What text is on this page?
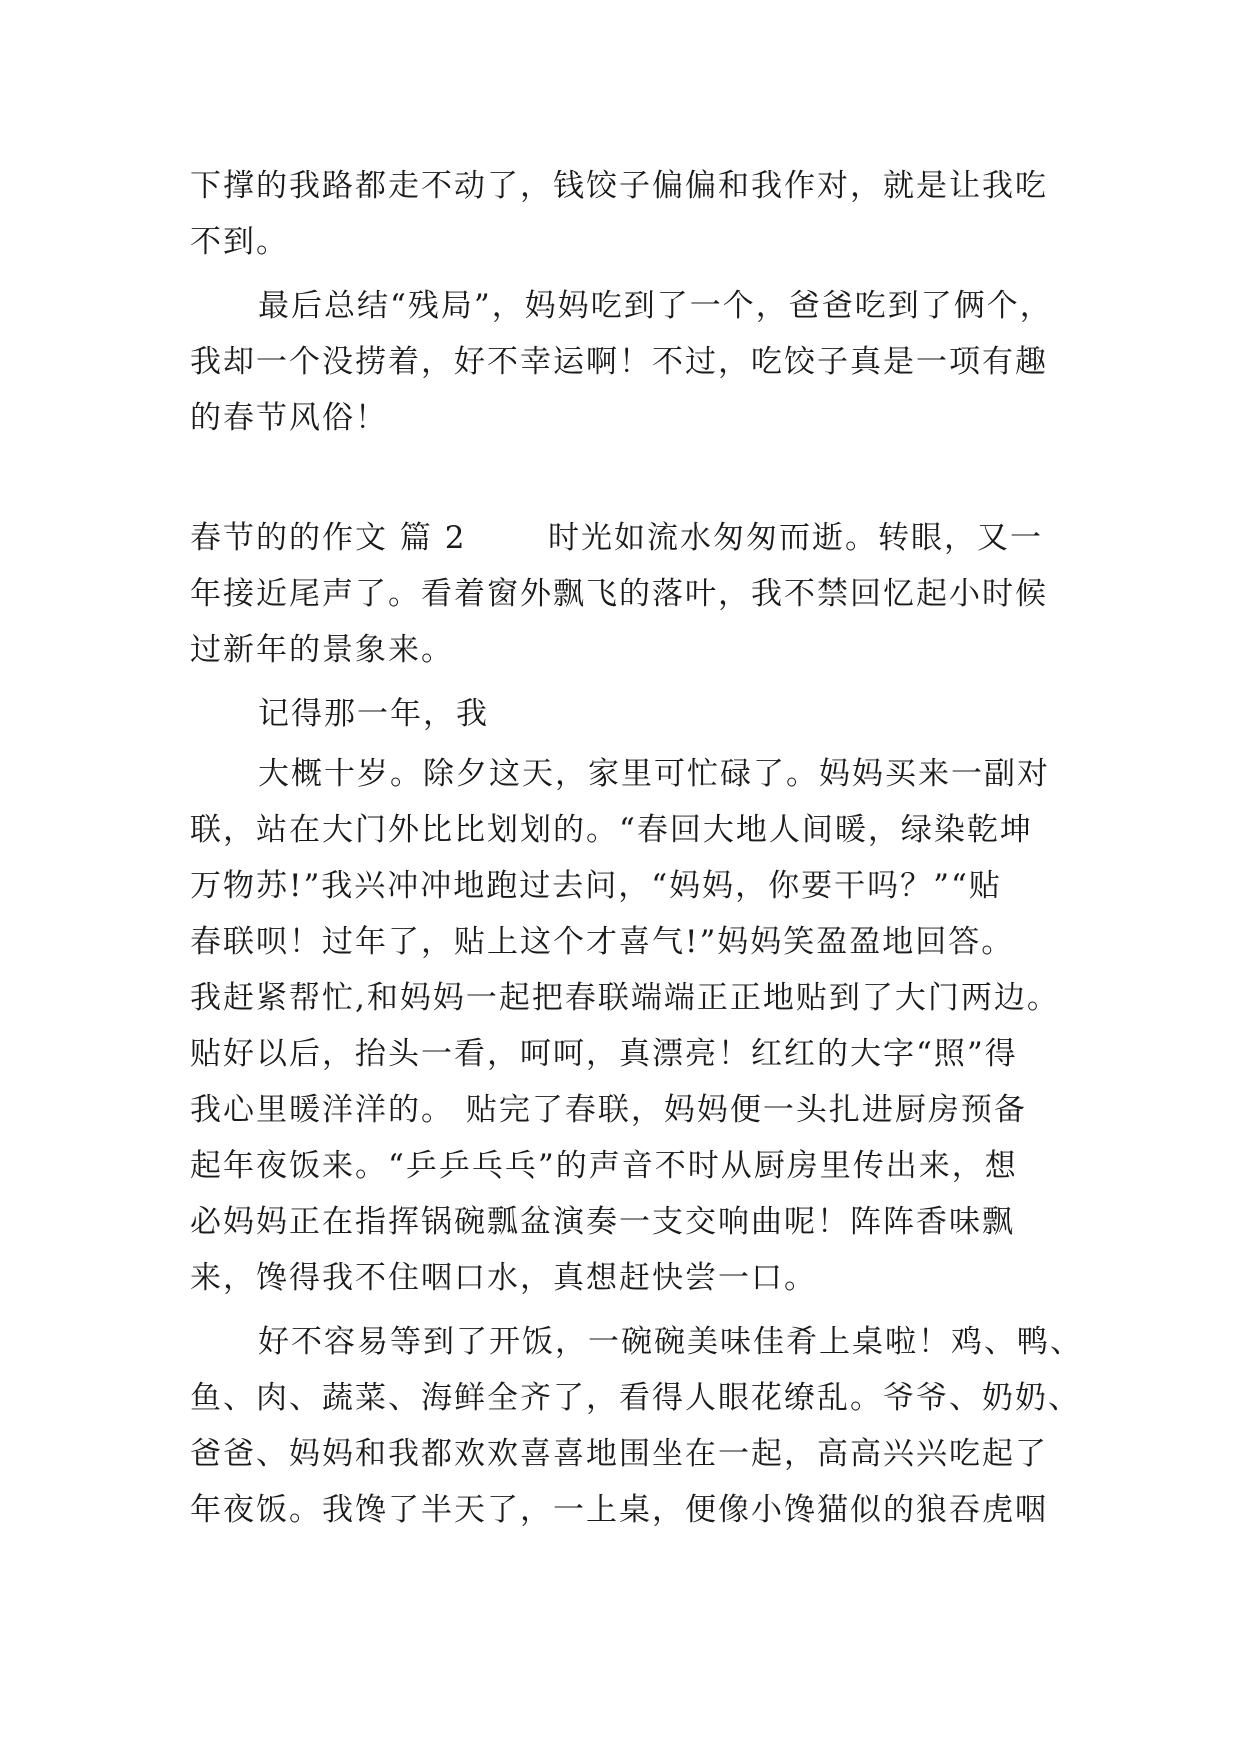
下撑的我路都走不动了，钱饺子偏偏和我作对，就是让我吃
不到。
最后总结“残局”，妈妈吃到了一个，爸爸吃到了俩个，
我却一个没捞着，好不幸运啊！不过，吃饺子真是一项有趣
的春节风俗！
春节的的作文 篇 2	时光如流水匆匆而逝。转眼，又一
年接近尾声了。看着窗外飘飞的落叶，我不禁回忆起小时候
过新年的景象来。
记得那一年，我
大概十岁。除夕这天，家里可忙碌了。妈妈买来一副对
联，站在大门外比比划划的。“春回大地人间暖，绿染乾坤
万物苏!”我兴冲冲地跑过去问，“妈妈，你要干吗？”“贴
春联呗！过年了，贴上这个才喜气!”妈妈笑盈盈地回答。
我赶紧帮忙,和妈妈一起把春联端端正正地贴到了大门两边。
贴好以后，抬头一看，呵呵，真漂亮！红红的大字“照”得
我心里暖洋洋的。 贴完了春联，妈妈便一头扎进厨房预备
起年夜饭来。“乒乒乓乓”的声音不时从厨房里传出来，想
必妈妈正在指挥锅碗瓢盆演奏一支交响曲呢！阵阵香味飘
来，馋得我不住咽口水，真想赶快尝一口。
好不容易等到了开饭，一碗碗美味佳肴上桌啦！鸡、鸭、
鱼、肉、蔬菜、海鲜全齐了，看得人眼花缭乱。爷爷、奶奶、
爸爸、妈妈和我都欢欢喜喜地围坐在一起，高高兴兴吃起了
年夜饭。我馋了半天了，一上桌，便像小馋猫似的狼吞虎咽
